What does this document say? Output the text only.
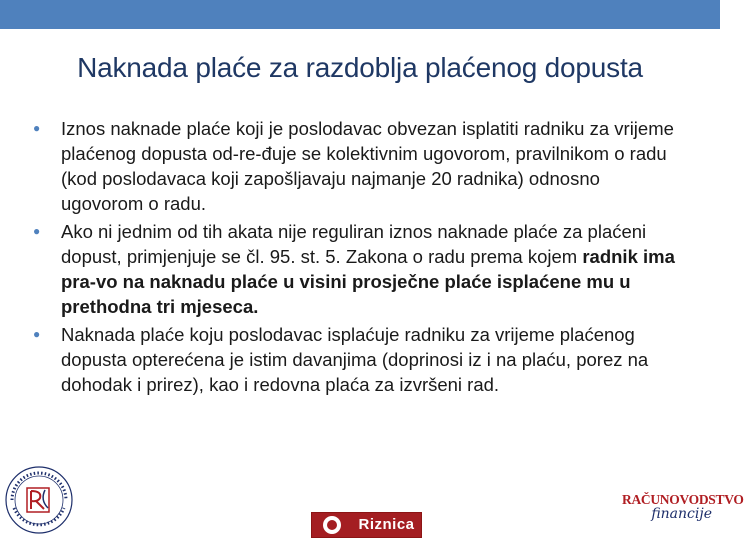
Naknada plaće za razdoblja plaćenog dopusta
● Iznos naknade plaće koji je poslodavac obvezan isplatiti radniku za vrijeme plaćenog dopusta od-re-đuje se kolektivnim ugovorom, pravilnikom o radu (kod poslodavaca koji zapošljavaju najmanje 20 radnika) odnosno ugovorom o radu.
● Ako ni jednim od tih akata nije reguliran iznos naknade plaće za plaćeni dopust, primjenjuje se čl. 95. st. 5. Zakona o radu prema kojem radnik ima pra-vo na naknadu plaće u visini prosječne plaće isplaćene mu u prethodna tri mjeseca.
● Naknada plaće koju poslodavac isplaćuje radniku za vrijeme plaćenog dopusta opterećena je istim davanjima (doprinosi iz i na plaću, porez na dohodak i prirez), kao i redovna plaća za izvršeni rad.
Riznica
RAČUNOVODSTVO
financije
